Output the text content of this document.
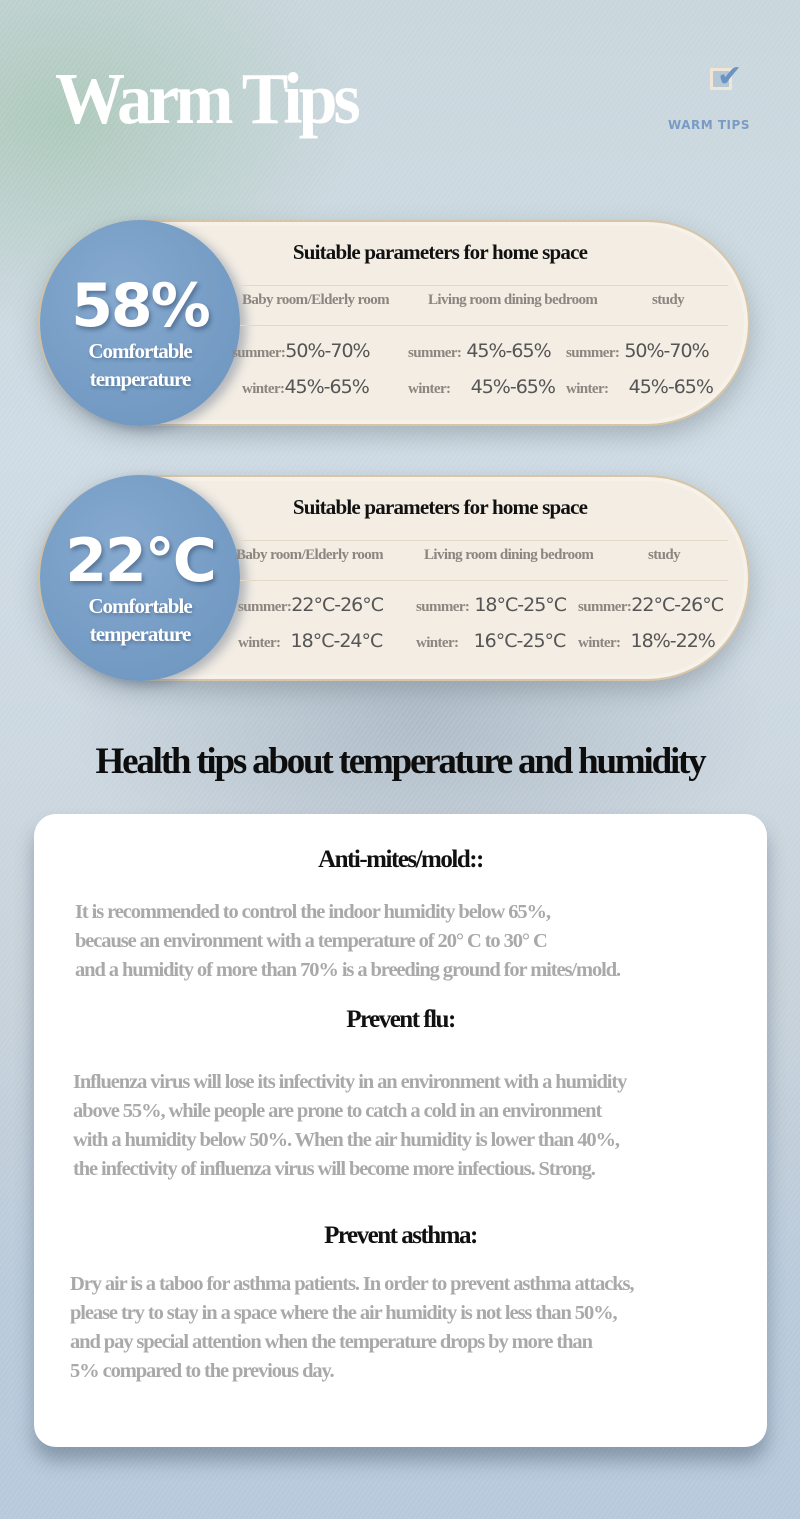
Warm Tips	✔
WARM TIPS
58%
Comfortable
temperature
Suitable parameters for home space
Baby room/Elderly room	Living room dining bedroom	study
summer:50%-70%	summer: 45%-65% summer: 50%-70%
winter:45%-65%	winter: 45%-65% winter: 45%-65%
22°C
Comfortable
temperature
Suitable parameters for home space
Baby room/Elderly room	Living room dining bedroom	study
summer:22°C-26°C summer: 18°C-25°C summer:22°C-26°C
winter: 18°C-24°C winter: 16°C-25°C winter: 18%-22%
Health tips about temperature and humidity
Anti-mites/mold::

It is recommended to control the indoor humidity below 65%,
because an environment with a temperature of 20° C to 30° C
and a humidity of more than 70% is a breeding ground for mites/mold.

Prevent flu:

Influenza virus will lose its infectivity in an environment with a humidity
above 55%, while people are prone to catch a cold in an environment
with a humidity below 50%. When the air humidity is lower than 40%,
the infectivity of influenza virus will become more infectious. Strong.

Prevent asthma:

Dry air is a taboo for asthma patients. In order to prevent asthma attacks,
please try to stay in a space where the air humidity is not less than 50%,
and pay special attention when the temperature drops by more than
5% compared to the previous day.
